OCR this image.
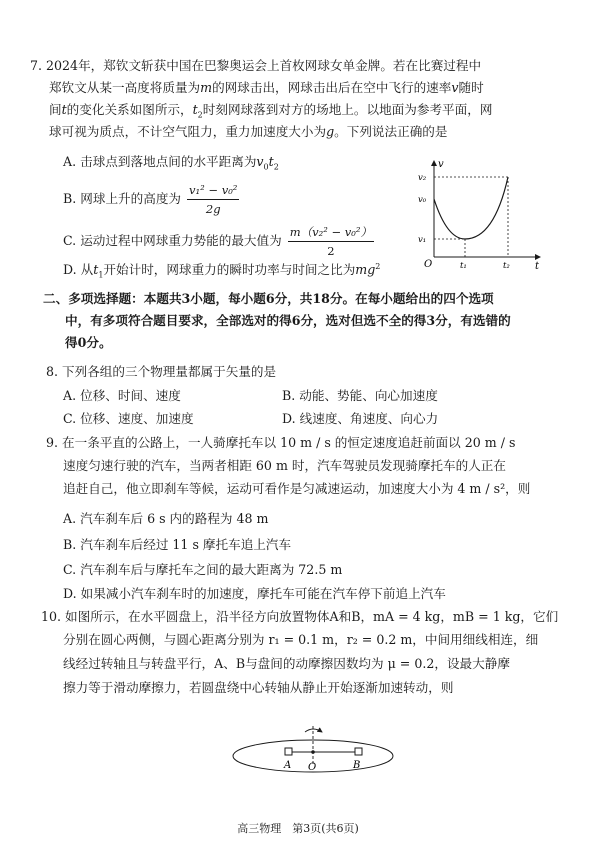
7. 2024年，郑钦文斩获中国在巴黎奥运会上首枚网球女单金牌。若在比赛过程中
郑钦文从某一高度将质量为m的网球击出，网球击出后在空中飞行的速率v随时
间t的变化关系如图所示，$t_2$时刻网球落到对方的场地上。以地面为参考平面，网
球可视为质点，不计空气阻力，重力加速度大小为g。下列说法正确的是
A. 击球点到落地点间的水平距离为$v_0t_2$
B. 网球上升的高度为 $\frac{\text{v₁² − v₀²}}{2g}$
C. 运动过程中网球重力势能的最大值为 $\frac{\text{m（v₂² − v₀²）}}{2}$
D. 从$t_1$开始计时，网球重力的瞬时功率与时间之比为$mg^2$
v
t
O
v₂
v₀
v₁
t₁	t₂
二、多项选择题：本题共3小题，每小题6分，共18分。在每小题给出的四个选项
中，有多项符合题目要求，全部选对的得6分，选对但选不全的得3分，有选错的
得0分。
8. 下列各组的三个物理量都属于矢量的是
A. 位移、时间、速度	B. 动能、势能、向心加速度
C. 位移、速度、加速度	D. 线速度、角速度、向心力
9. 在一条平直的公路上，一人骑摩托车以 10 m / s 的恒定速度追赶前面以 20 m / s
速度匀速行驶的汽车，当两者相距 60 m 时，汽车驾驶员发现骑摩托车的人正在
追赶自己，他立即刹车等候，运动可看作是匀减速运动，加速度大小为 4 m / s²，则
A. 汽车刹车后 6 s 内的路程为 48 m
B. 汽车刹车后经过 11 s 摩托车追上汽车
C. 汽车刹车后与摩托车之间的最大距离为 72.5 m
D. 如果减小汽车刹车时的加速度，摩托车可能在汽车停下前追上汽车
10. 如图所示，在水平圆盘上，沿半径方向放置物体A和B，mA = 4 kg，mB = 1 kg，它们
分别在圆心两侧，与圆心距离分别为 r₁ = 0.1 m，r₂ = 0.2 m，中间用细线相连，细
线经过转轴且与转盘平行，A、B与盘间的动摩擦因数均为 μ = 0.2，设最大静摩
擦力等于滑动摩擦力，若圆盘绕中心转轴从静止开始逐渐加速转动，则
A O	B
高三物理　第3页(共6页)
